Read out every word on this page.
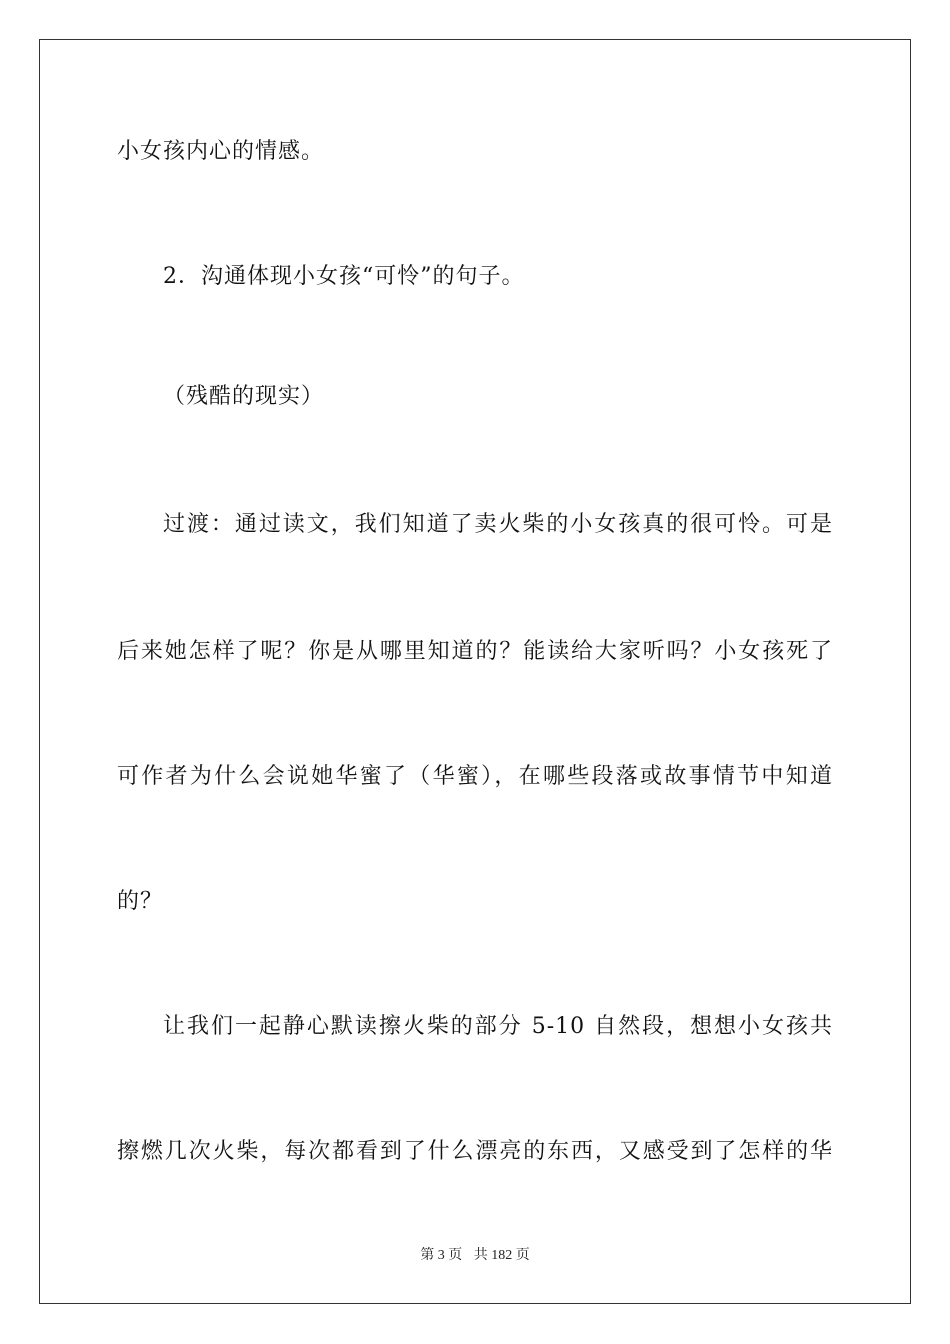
小女孩内心的情感。
2．沟通体现小女孩“可怜”的句子。
（残酷的现实）
过渡：通过读文，我们知道了卖火柴的小女孩真的很可怜。可是
后来她怎样了呢？你是从哪里知道的？能读给大家听吗？小女孩死了
可作者为什么会说她华蜜了（华蜜），在哪些段落或故事情节中知道
的？
让我们一起静心默读擦火柴的部分 5-10 自然段，想想小女孩共
擦燃几次火柴，每次都看到了什么漂亮的东西，又感受到了怎样的华
第 3 页 共 182 页
